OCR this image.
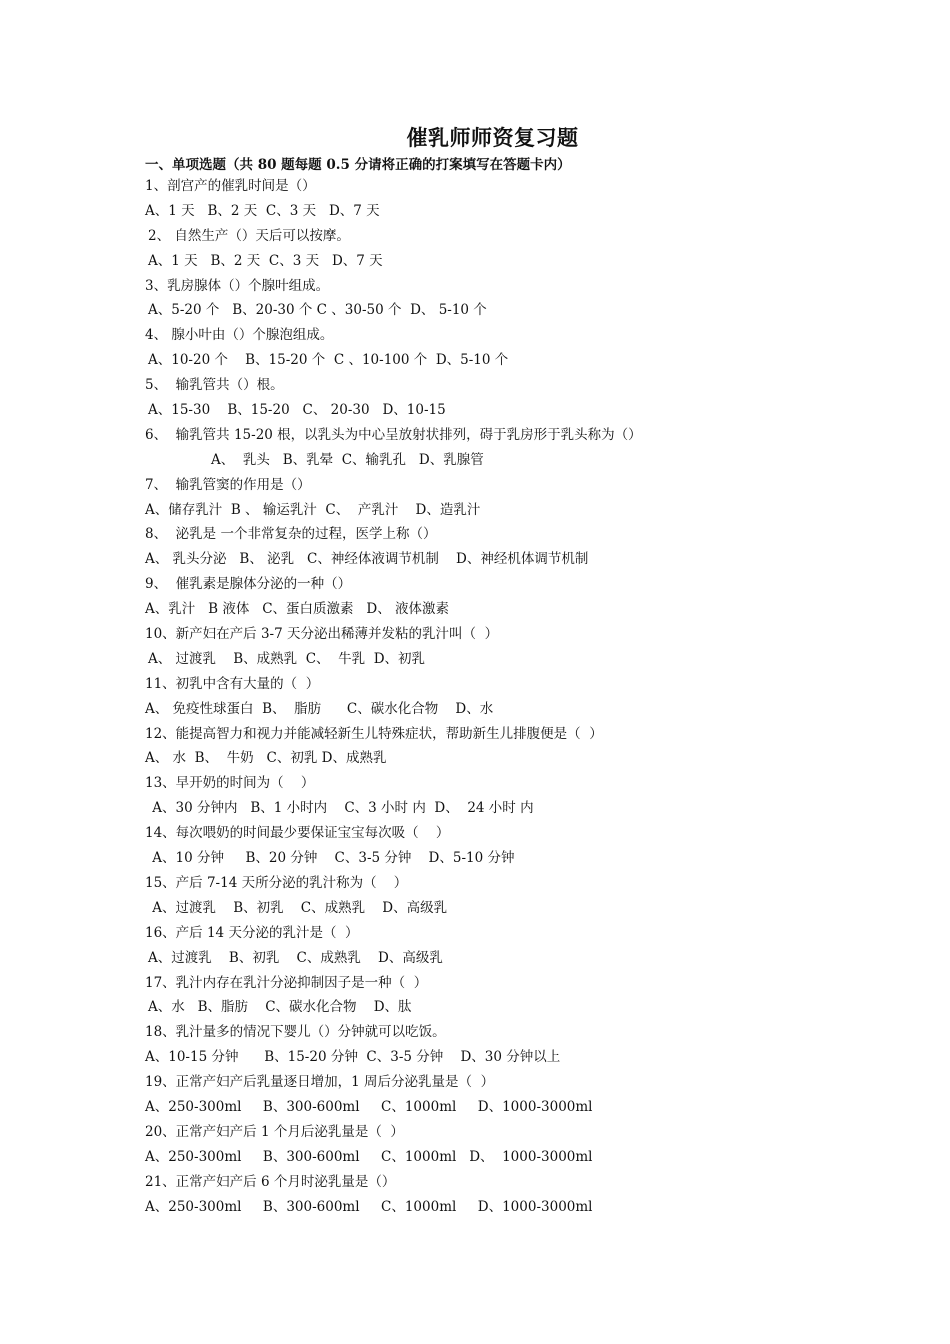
催乳师师资复习题
一、单项选题（共 80 题每题 0.5 分请将正确的打案填写在答题卡内）
1、剖宫产的催乳时间是（）
A、1 天   B、2 天  C、3 天   D、7 天
2、 自然生产（）天后可以按摩。
A、1 天   B、2 天  C、3 天   D、7 天
3、乳房腺体（）个腺叶组成。
A、5-20 个   B、20-30 个 C 、30-50 个  D、 5-10 个
4、 腺小叶由（）个腺泡组成。
A、10-20 个    B、15-20 个  C 、10-100 个  D、5-10 个
5、  输乳管共（）根。
A、15-30    B、15-20   C、 20-30   D、10-15
6、  输乳管共 15-20 根，以乳头为中心呈放射状排列，碍于乳房形于乳头称为（）
A、  乳头   B、乳晕  C、输乳孔   D、乳腺管
7、  输乳管窦的作用是（）
A、储存乳汁  B 、 输运乳汁  C、  产乳汁    D、造乳汁
8、  泌乳是 一个非常复杂的过程，医学上称（）
A、 乳头分泌   B、 泌乳   C、神经体液调节机制    D、神经机体调节机制
9、  催乳素是腺体分泌的一种（）
A、乳汁   B 液体   C、蛋白质激素   D、 液体激素
10、新产妇在产后 3-7 天分泌出稀薄并发粘的乳汁叫（  ）
A、 过渡乳    B、成熟乳  C、  牛乳  D、初乳
11、初乳中含有大量的（  ）
A、 免疫性球蛋白  B、  脂肪      C、碳水化合物    D、水
12、能提高智力和视力并能减轻新生儿特殊症状，帮助新生儿排腹便是（  ）
A、 水  B、  牛奶   C、初乳 D、成熟乳
13、早开奶的时间为（    ）
A、30 分钟内   B、1 小时内    C、3 小时 内  D、  24 小时 内
14、每次喂奶的时间最少要保证宝宝每次吸（    ）
A、10 分钟     B、20 分钟    C、3-5 分钟    D、5-10 分钟
15、产后 7-14 天所分泌的乳汁称为（    ）
A、过渡乳    B、初乳    C、成熟乳    D、高级乳
16、产后 14 天分泌的乳汁是（  ）
A、过渡乳    B、初乳    C、成熟乳    D、高级乳
17、乳汁内存在乳汁分泌抑制因子是一种（  ）
A、水   B、脂肪    C、碳水化合物    D、肽
18、乳汁量多的情况下婴儿（）分钟就可以吃饭。
A、10-15 分钟      B、15-20 分钟  C、3-5 分钟    D、30 分钟以上
19、正常产妇产后乳量逐日增加，1 周后分泌乳量是（  ）
A、250-300ml     B、300-600ml     C、1000ml     D、1000-3000ml
20、正常产妇产后 1 个月后泌乳量是（  ）
A、250-300ml     B、300-600ml     C、1000ml   D、  1000-3000ml
21、正常产妇产后 6 个月时泌乳量是（）
A、250-300ml     B、300-600ml     C、1000ml     D、1000-3000ml
